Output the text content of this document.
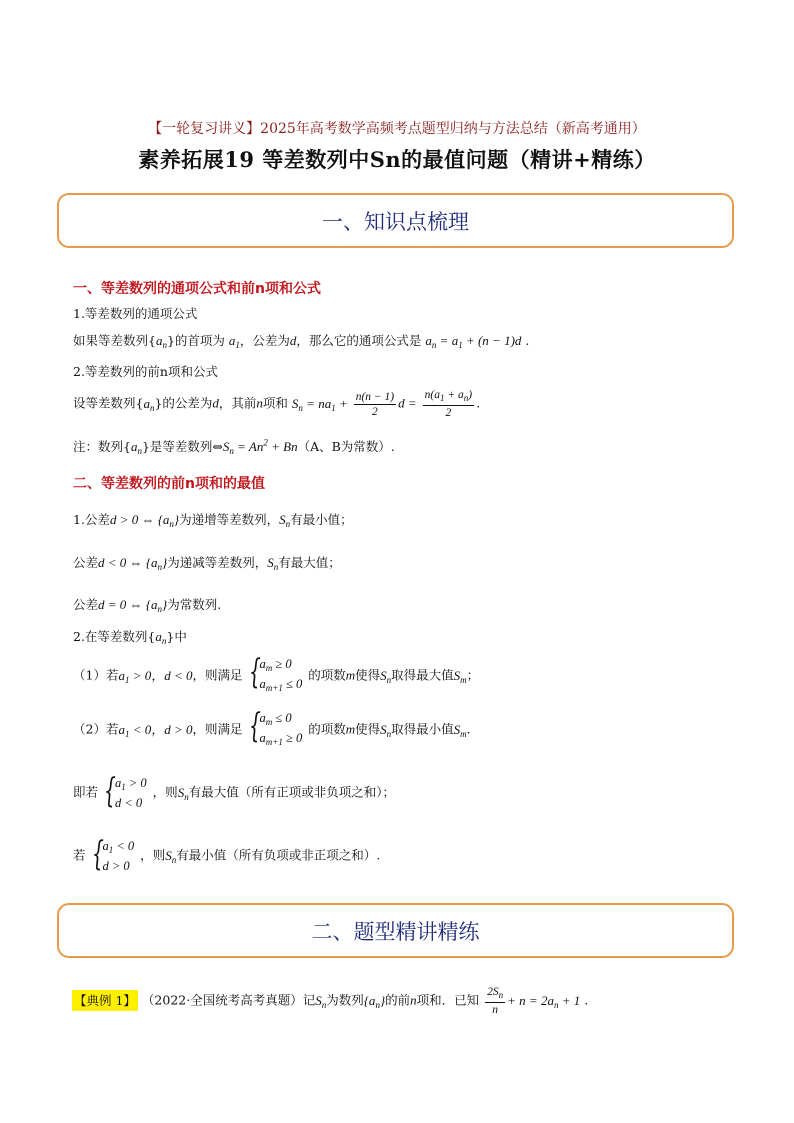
【一轮复习讲义】2025年高考数学高频考点题型归纳与方法总结（新高考通用）
素养拓展19 等差数列中Sn的最值问题（精讲+精练）
一、知识点梳理
一、等差数列的通项公式和前n项和公式
1.等差数列的通项公式
如果等差数列$\{a_n\}$的首项为 $a_1$，公差为d，那么它的通项公式是 $a_n = a_1 + (n - 1)d$ .
2.等差数列的前n项和公式
设等差数列$\{a_n\}$的公差为d，其前n项和 $S_n = na_1 + \frac{n(n - 1)}{2}$ $d = \frac{n(a_1 + a_n)}{2}$ .
注：数列$\{a_n\}$是等差数列$\Leftrightarrow S_n = An^2 + Bn(A$、B为常数）.
二、等差数列的前n项和的最值
1.公差d > 0 ⇔ $\{a_n\}$为递增等差数列，$S_n$有最小值；
公差d < 0 ⇔ $\{a_n\}$为递减等差数列，$S_n$有最大值；
公差d = 0 ⇔ $\{a_n\}$为常数列.
2.在等差数列$\{a_n\}$中
（1）若$a_1 > 0$，d < 0，则满足 { $a_m \ge 0$
$a_{m+1} \le 0$
的项数m使得$S_n$取得最大值$S_m$；
（2）若$a_1 < 0$，d > 0，则满足 { $a_m \le 0$
$a_{m+1} \ge 0$
的项数m使得$S_n$取得最小值$S_m$.
即若 { $a_1 > 0$
d < 0
，则$S_n$有最大值（所有正项或非负项之和）；
若 { $a_1 < 0$
d > 0
，则$S_n$有最小值（所有负项或非正项之和）.
二、题型精讲精练
【典例 1】 （2022·全国统考高考真题）记$S_n$为数列$\{a_n\}$的前n项和．已知 $\frac{2S_n}{n} + n = 2a_n + 1$ .
